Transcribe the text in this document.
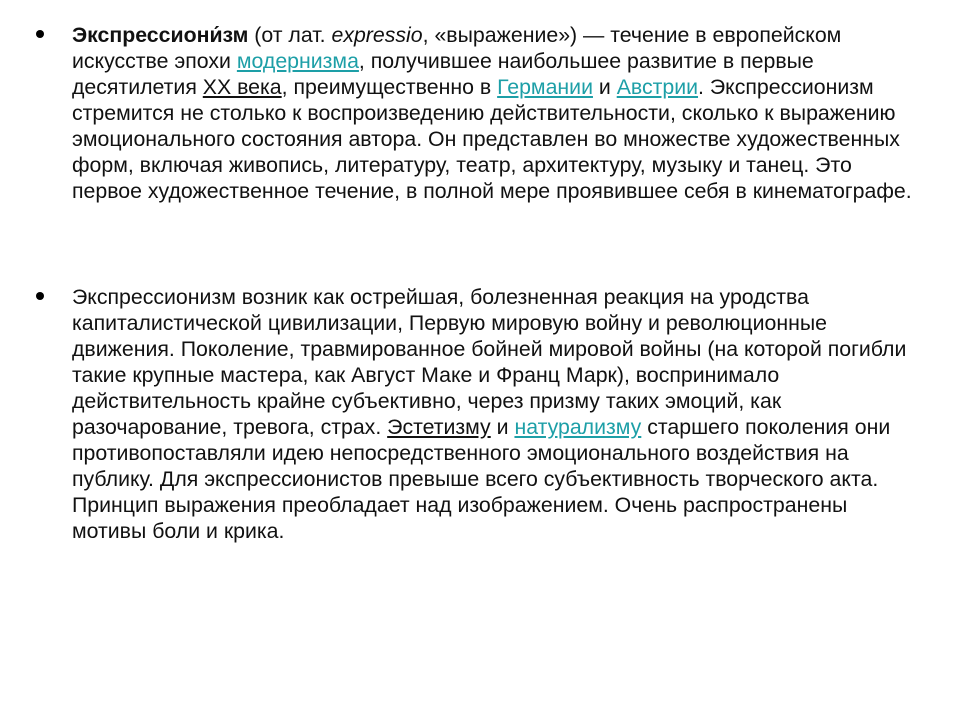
Экспрессиони́зм (от лат. expressio, «выражение») — течение в европейском искусстве эпохи модернизма, получившее наибольшее развитие в первые десятилетия XX века, преимущественно в Германии и Австрии. Экспрессионизм стремится не столько к воспроизведению действительности, сколько к выражению эмоционального состояния автора. Он представлен во множестве художественных форм, включая живопись, литературу, театр, архитектуру, музыку и танец. Это первое художественное течение, в полной мере проявившее себя в кинематографе.

Экспрессионизм возник как острейшая, болезненная реакция на уродства капиталистической цивилизации, Первую мировую войну и революционные движения. Поколение, травмированное бойней мировой войны (на которой погибли такие крупные мастера, как Август Маке и Франц Марк), воспринимало действительность крайне субъективно, через призму таких эмоций, как разочарование, тревога, страх. Эстетизму и натурализму старшего поколения они противопоставляли идею непосредственного эмоционального воздействия на публику. Для экспрессионистов превыше всего субъективность творческого акта. Принцип выражения преобладает над изображением. Очень распространены мотивы боли и крика.
